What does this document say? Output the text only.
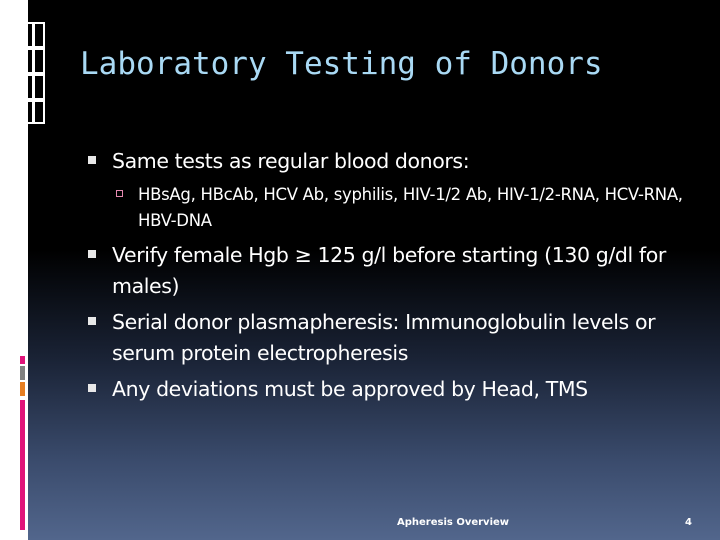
Laboratory Testing of Donors
Same tests as regular blood donors:
HBsAg, HBcAb, HCV Ab, syphilis, HIV-1/2 Ab, HIV-1/2-RNA, HCV-RNA, HBV-DNA
Verify female Hgb ≥ 125 g/l before starting (130 g/dl for males)
Serial donor plasmapheresis: Immunoglobulin levels or serum protein electropheresis
Any deviations must be approved by Head, TMS
Apheresis Overview	4
